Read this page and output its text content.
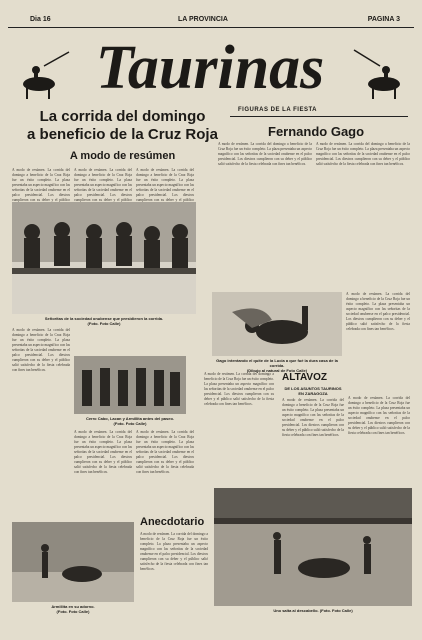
Dia 16	LA PROVINCIA	PAGINA 3
Taurinas
FIGURAS DE LA FIESTA
La corrida del domingo
a beneficio de la Cruz Roja
A modo de resúmen
Fernando Gago
A modo de resúmen. La corrida del domingo a beneficio de la Cruz Roja fue un éxito completo. La plaza presentaba un aspecto magnífico con las señoritas de la sociedad onubense en el palco presidencial. Los diestros cumplieron con su deber y el público
A modo de resúmen. La corrida del domingo a beneficio de la Cruz Roja fue un éxito completo. La plaza presentaba un aspecto magnífico con las señoritas de la sociedad onubense en el palco presidencial. Los diestros cumplieron con su deber y el público
A modo de resúmen. La corrida del domingo a beneficio de la Cruz Roja fue un éxito completo. La plaza presentaba un aspecto magnífico con las señoritas de la sociedad onubense en el palco presidencial. Los diestros cumplieron con su deber y el público
Señoritas de la sociedad onubense que presidieron la corrida.
(Foto. Foto Calle)
A modo de resúmen. La corrida del domingo a beneficio de la Cruz Roja fue un éxito completo. La plaza presentaba un aspecto magnífico con las señoritas de la sociedad onubense en el palco presidencial. Los diestros cumplieron con su deber y el público salió satisfecho de la fiesta celebrada con fines tan benéficos.
A modo de resúmen. La corrida del domingo a beneficio de la Cruz Roja fue un éxito completo. La plaza presentaba un aspecto magnífico con las señoritas de la sociedad onubense en el palco presidencial. Los diestros cumplieron con su deber y el público salió satisfecho de la fiesta celebrada con fines tan benéficos.
Gago intentando el quite de la Lucia a que fué la dura casa de la corrida.
(Dibujo al natural de Foto Calle)
A modo de resúmen. La corrida del domingo a beneficio de la Cruz Roja fue un éxito completo. La plaza presentaba un aspecto magnífico con las señoritas de la sociedad onubense en el palco presidencial. Los diestros cumplieron con su deber y el público salió satisfecho de la fiesta celebrada con fines tan benéficos.
A modo de resúmen. La corrida del domingo a beneficio de la Cruz Roja fue un éxito completo. La plaza presentaba un aspecto magnífico con las señoritas de la sociedad onubense en el palco presidencial. Los diestros cumplieron con su deber y el público salió satisfecho de la fiesta celebrada con fines tan benéficos.
Cerro Cabo, Lacan y Armillita antes del paseo.
(Foto. Foto Calle)
A modo de resúmen. La corrida del domingo a beneficio de la Cruz Roja fue un éxito completo. La plaza presentaba un aspecto magnífico con las señoritas de la sociedad onubense en el palco presidencial. Los diestros cumplieron con su deber y el público salió satisfecho de la fiesta celebrada con fines tan benéficos.
A modo de resúmen. La corrida del domingo a beneficio de la Cruz Roja fue un éxito completo. La plaza presentaba un aspecto magnífico con las señoritas de la sociedad onubense en el palco presidencial. Los diestros cumplieron con su deber y el público salió satisfecho de la fiesta celebrada con fines tan benéficos.
A modo de resúmen. La corrida del domingo a beneficio de la Cruz Roja fue un éxito completo. La plaza presentaba un aspecto magnífico con las señoritas de la sociedad onubense en el palco presidencial. Los diestros cumplieron con su deber y el público salió satisfecho de la fiesta celebrada con fines tan benéficos.
ALTAVOZ
DE LOS ASUNTOS TAURINOS EN ZARAGOZA
A modo de resúmen. La corrida del domingo a beneficio de la Cruz Roja fue un éxito completo. La plaza presentaba un aspecto magnífico con las señoritas de la sociedad onubense en el palco presidencial. Los diestros cumplieron con su deber y el público salió satisfecho de la fiesta celebrada con fines tan benéficos.
A modo de resúmen. La corrida del domingo a beneficio de la Cruz Roja fue un éxito completo. La plaza presentaba un aspecto magnífico con las señoritas de la sociedad onubense en el palco presidencial. Los diestros cumplieron con su deber y el público salió satisfecho de la fiesta celebrada con fines tan benéficos.
Anecdotario
A modo de resúmen. La corrida del domingo a beneficio de la Cruz Roja fue un éxito completo. La plaza presentaba un aspecto magnífico con las señoritas de la sociedad onubense en el palco presidencial. Los diestros cumplieron con su deber y el público salió satisfecho de la fiesta celebrada con fines tan benéficos.
Armillita en su adorno.
(Foto. Foto Calle)	Uno salta al descabello. (Foto. Foto Calle)
